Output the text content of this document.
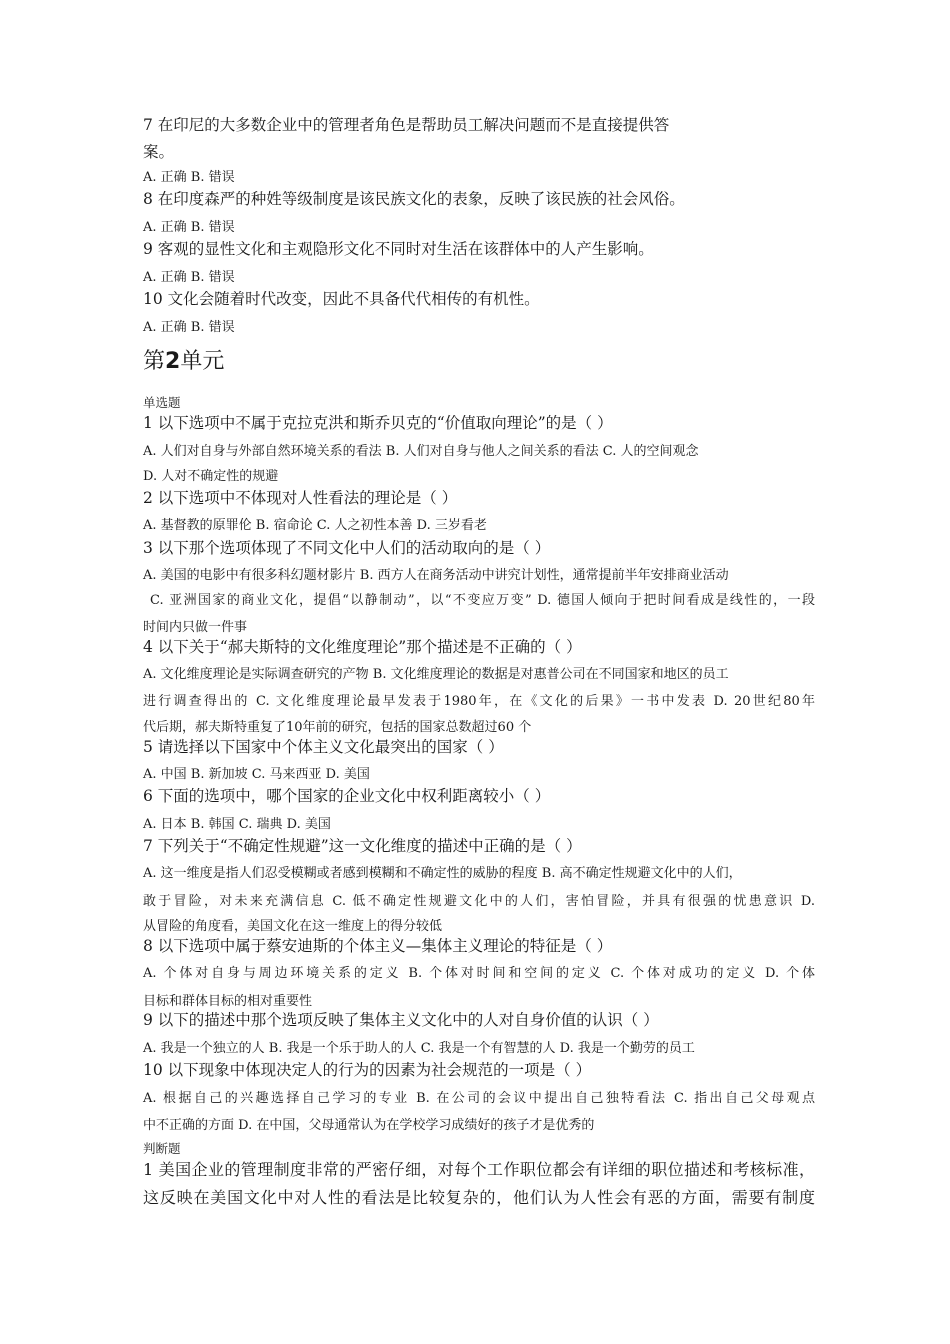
7 在印尼的大多数企业中的管理者角色是帮助员工解决问题而不是直接提供答
案。
A. 正确 B. 错误
8 在印度森严的种姓等级制度是该民族文化的表象，反映了该民族的社会风俗。
A. 正确 B. 错误
9 客观的显性文化和主观隐形文化不同时对生活在该群体中的人产生影响。
A. 正确 B. 错误
10 文化会随着时代改变，因此不具备代代相传的有机性。
A. 正确 B. 错误
第2单元
单选题
1 以下选项中不属于克拉克洪和斯乔贝克的“价值取向理论”的是（ ）
A. 人们对自身与外部自然环境关系的看法 B. 人们对自身与他人之间关系的看法 C. 人的空间观念
D. 人对不确定性的规避
2 以下选项中不体现对人性看法的理论是（ ）
A. 基督教的原罪伦 B. 宿命论 C. 人之初性本善 D. 三岁看老
3 以下那个选项体现了不同文化中人们的活动取向的是（ ）
A. 美国的电影中有很多科幻题材影片 B. 西方人在商务活动中讲究计划性，通常提前半年安排商业活动
C. 亚洲国家的商业文化，提倡“以静制动”，以“不变应万变” D. 德国人倾向于把时间看成是线性的，一段
时间内只做一件事
4 以下关于“郝夫斯特的文化维度理论”那个描述是不正确的（ ）
A. 文化维度理论是实际调查研究的产物 B. 文化维度理论的数据是对惠普公司在不同国家和地区的员工
进行调查得出的 C. 文化维度理论最早发表于1980年，在《文化的后果》一书中发表 D. 20世纪80年
代后期，郝夫斯特重复了10年前的研究，包括的国家总数超过60 个
5 请选择以下国家中个体主义文化最突出的国家（ ）
A. 中国 B. 新加坡 C. 马来西亚 D. 美国
6 下面的选项中，哪个国家的企业文化中权利距离较小（ ）
A. 日本 B. 韩国 C. 瑞典 D. 美国
7 下列关于“不确定性规避”这一文化维度的描述中正确的是（ ）
A. 这一维度是指人们忍受模糊或者感到模糊和不确定性的威胁的程度 B. 高不确定性规避文化中的人们，
敢于冒险，对未来充满信息 C. 低不确定性规避文化中的人们，害怕冒险，并具有很强的忧患意识 D.
从冒险的角度看，美国文化在这一维度上的得分较低
8 以下选项中属于蔡安迪斯的个体主义—集体主义理论的特征是（ ）
A. 个体对自身与周边环境关系的定义 B. 个体对时间和空间的定义 C. 个体对成功的定义 D. 个体
目标和群体目标的相对重要性
9 以下的描述中那个选项反映了集体主义文化中的人对自身价值的认识（ ）
A. 我是一个独立的人 B. 我是一个乐于助人的人 C. 我是一个有智慧的人 D. 我是一个勤劳的员工
10 以下现象中体现决定人的行为的因素为社会规范的一项是（ ）
A. 根据自己的兴趣选择自己学习的专业 B. 在公司的会议中提出自己独特看法 C. 指出自己父母观点
中不正确的方面 D. 在中国，父母通常认为在学校学习成绩好的孩子才是优秀的
判断题
1 美国企业的管理制度非常的严密仔细，对每个工作职位都会有详细的职位描述和考核标准，
这反映在美国文化中对人性的看法是比较复杂的，他们认为人性会有恶的方面，需要有制度
